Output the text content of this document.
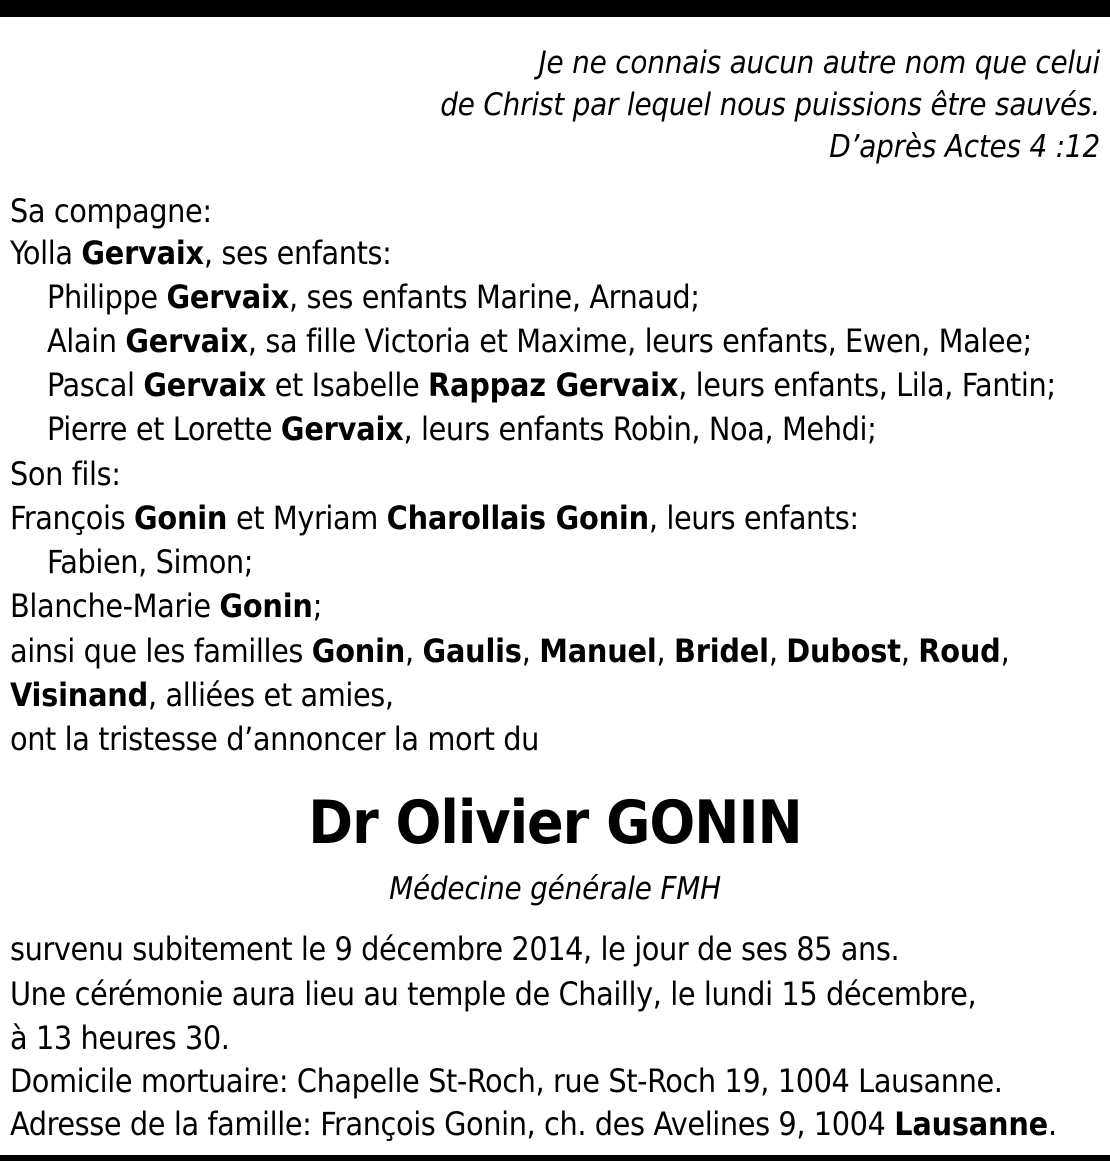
Je ne connais aucun autre nom que celui
de Christ par lequel nous puissions être sauvés.
D’après Actes 4 :12
Sa compagne:
Yolla Gervaix, ses enfants:
Philippe Gervaix, ses enfants Marine, Arnaud;
Alain Gervaix, sa fille Victoria et Maxime, leurs enfants, Ewen, Malee;
Pascal Gervaix et Isabelle Rappaz Gervaix, leurs enfants, Lila, Fantin;
Pierre et Lorette Gervaix, leurs enfants Robin, Noa, Mehdi;
Son fils:
François Gonin et Myriam Charollais Gonin, leurs enfants:
Fabien, Simon;
Blanche-Marie Gonin;
ainsi que les familles Gonin, Gaulis, Manuel, Bridel, Dubost, Roud,
Visinand, alliées et amies,
ont la tristesse d’annoncer la mort du
Dr Olivier GONIN
Médecine générale FMH
survenu subitement le 9 décembre 2014, le jour de ses 85 ans.
Une cérémonie aura lieu au temple de Chailly, le lundi 15 décembre,
à 13 heures 30.
Domicile mortuaire: Chapelle St-Roch, rue St-Roch 19, 1004 Lausanne.
Adresse de la famille: François Gonin, ch. des Avelines 9, 1004 Lausanne.
